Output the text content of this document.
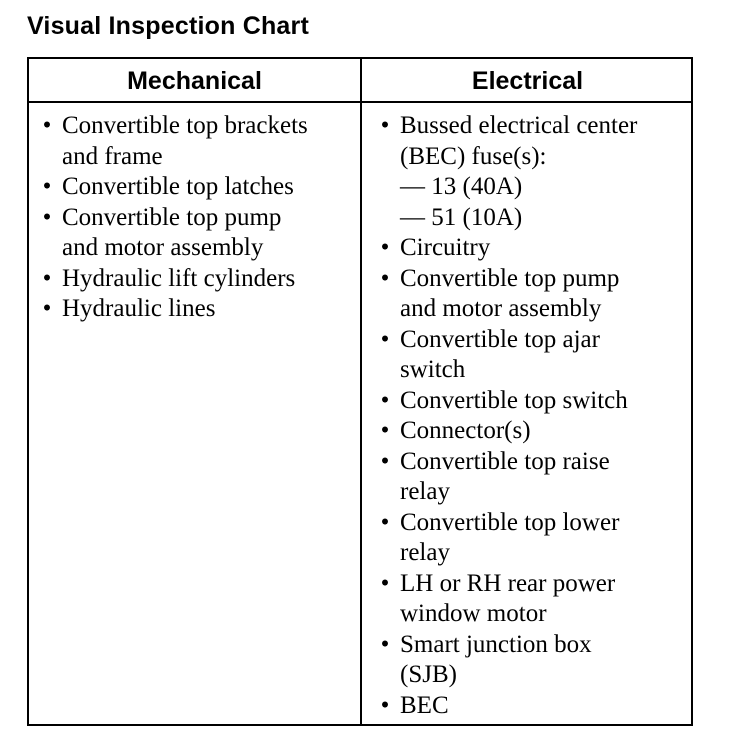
Visual Inspection Chart
Mechanical	Electrical
• Convertible top brackets
and frame
• Convertible top latches
• Convertible top pump
and motor assembly
• Hydraulic lift cylinders
• Hydraulic lines
• Bussed electrical center
(BEC) fuse(s):
— 13 (40A)
— 51 (10A)
• Circuitry
• Convertible top pump
and motor assembly
• Convertible top ajar
switch
• Convertible top switch
• Connector(s)
• Convertible top raise
relay
• Convertible top lower
relay
• LH or RH rear power
window motor
• Smart junction box
(SJB)
• BEC
